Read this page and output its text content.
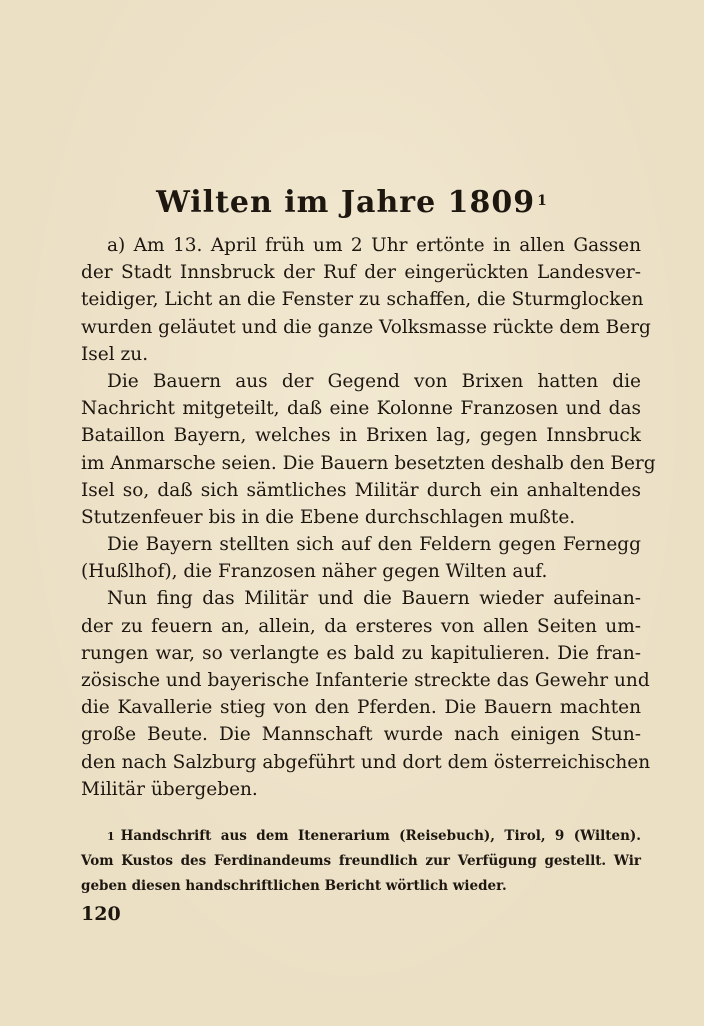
Wilten im Jahre 1809 $^1$
a) Am 13. April früh um 2 Uhr ertönte in allen Gassen
der Stadt Innsbruck der Ruf der eingerückten Landesver-
teidiger, Licht an die Fenster zu schaffen, die Sturmglocken
wurden geläutet und die ganze Volksmasse rückte dem Berg
Isel zu.
Die Bauern aus der Gegend von Brixen hatten die
Nachricht mitgeteilt, daß eine Kolonne Franzosen und das
Bataillon Bayern, welches in Brixen lag, gegen Innsbruck
im Anmarsche seien. Die Bauern besetzten deshalb den Berg
Isel so, daß sich sämtliches Militär durch ein anhaltendes
Stutzenfeuer bis in die Ebene durchschlagen mußte.
Die Bayern stellten sich auf den Feldern gegen Fernegg
(Hußlhof), die Franzosen näher gegen Wilten auf.
Nun fing das Militär und die Bauern wieder aufeinan-
der zu feuern an, allein, da ersteres von allen Seiten um-
rungen war, so verlangte es bald zu kapitulieren. Die fran-
zösische und bayerische Infanterie streckte das Gewehr und
die Kavallerie stieg von den Pferden. Die Bauern machten
große Beute. Die Mannschaft wurde nach einigen Stun-
den nach Salzburg abgeführt und dort dem österreichischen
Militär übergeben.
$^1$ Handschrift aus dem Itenerarium (Reisebuch), Tirol, 9 (Wilten).
Vom Kustos des Ferdinandeums freundlich zur Verfügung gestellt. Wir
geben diesen handschriftlichen Bericht wörtlich wieder.
120
